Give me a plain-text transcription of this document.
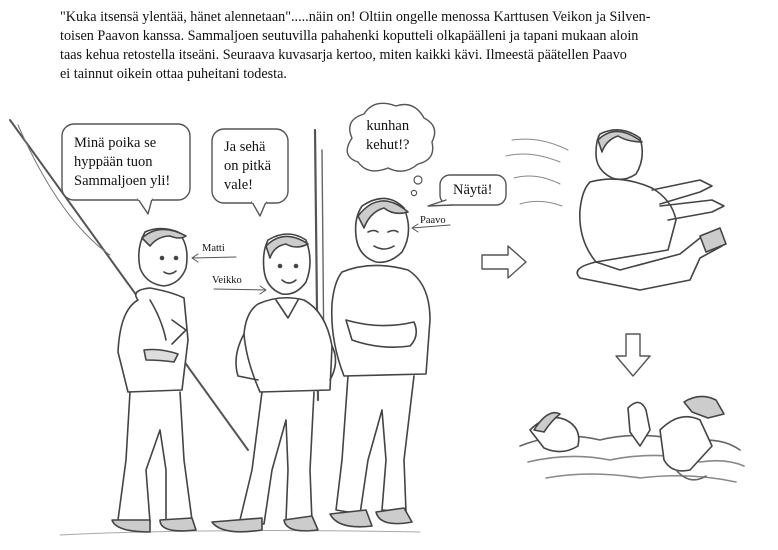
"Kuka itsensä ylentää, hänet alennetaan".....näin on! Oltiin ongelle menossa Karttusen Veikon ja Silven-
toisen Paavon kanssa. Sammaljoen seutuvilla pahahenki koputteli olkapäälleni ja tapani mukaan aloin
taas kehua retostella itseäni. Seuraava kuvasarja kertoo, miten kaikki kävi. Ilmeestä päätellen Paavo
ei tainnut oikein ottaa puheitani todesta.
Minä poika se
hyppään tuon
Sammaljoen yli!
Ja sehä
on pitkä
vale!
kunhan
kehut!?
Näytä!
Matti
Veikko
Paavo
